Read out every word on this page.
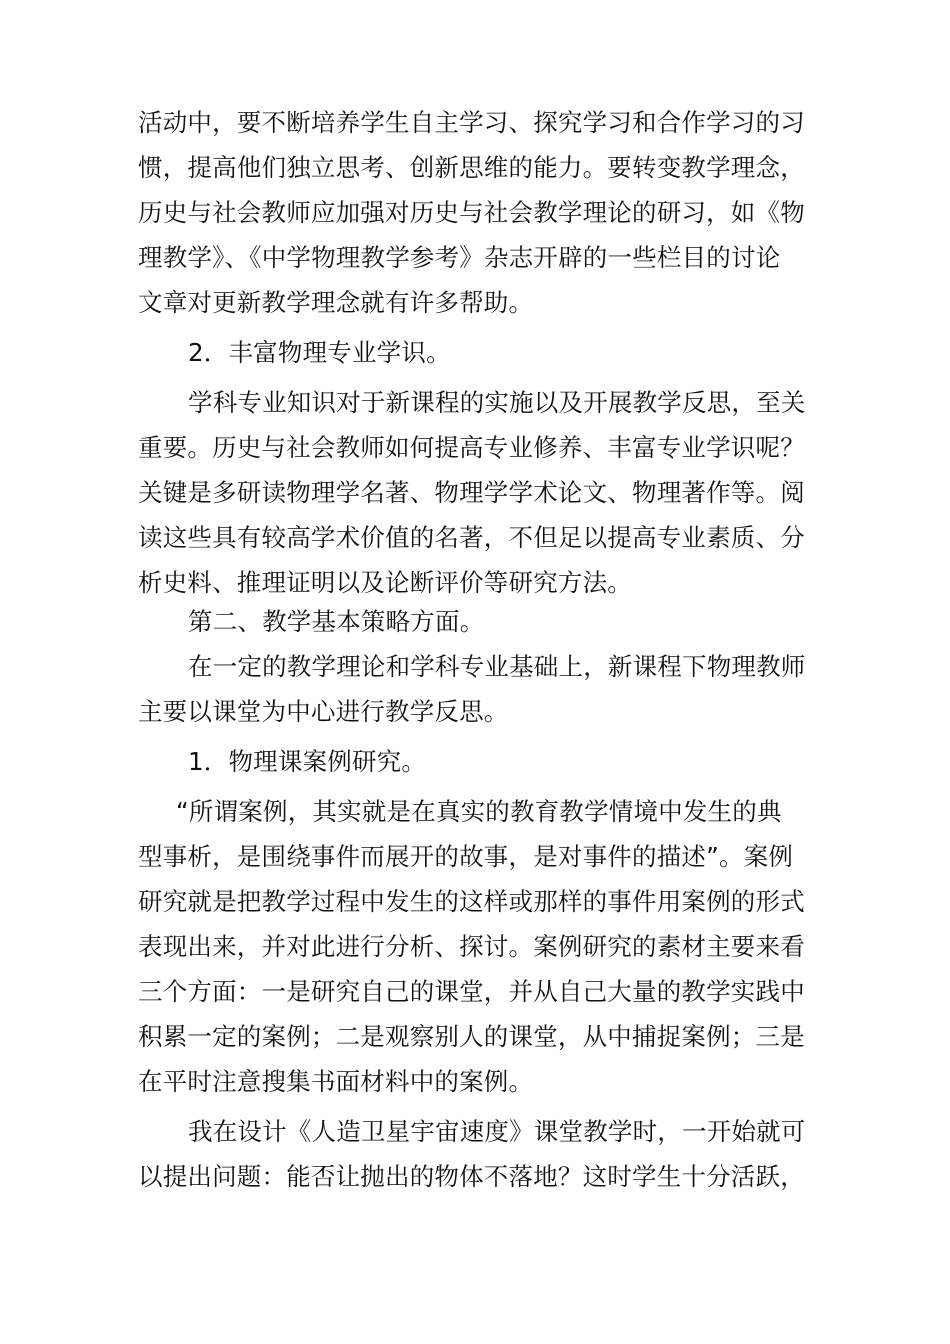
活动中，要不断培养学生自主学习、探究学习和合作学习的习
惯，提高他们独立思考、创新思维的能力。要转变教学理念，
历史与社会教师应加强对历史与社会教学理论的研习，如《物
理教学》、《中学物理教学参考》杂志开辟的一些栏目的讨论
文章对更新教学理念就有许多帮助。
2．丰富物理专业学识。
学科专业知识对于新课程的实施以及开展教学反思，至关
重要。历史与社会教师如何提高专业修养、丰富专业学识呢？
关键是多研读物理学名著、物理学学术论文、物理著作等。阅
读这些具有较高学术价值的名著，不但足以提高专业素质、分
析史料、推理证明以及论断评价等研究方法。
第二、教学基本策略方面。
在一定的教学理论和学科专业基础上，新课程下物理教师
主要以课堂为中心进行教学反思。
1．物理课案例研究。
“所谓案例，其实就是在真实的教育教学情境中发生的典
型事析，是围绕事件而展开的故事，是对事件的描述”。案例
研究就是把教学过程中发生的这样或那样的事件用案例的形式
表现出来，并对此进行分析、探讨。案例研究的素材主要来看
三个方面：一是研究自己的课堂，并从自己大量的教学实践中
积累一定的案例；二是观察别人的课堂，从中捕捉案例；三是
在平时注意搜集书面材料中的案例。
我在设计《人造卫星宇宙速度》课堂教学时，一开始就可
以提出问题：能否让抛出的物体不落地？这时学生十分活跃，
